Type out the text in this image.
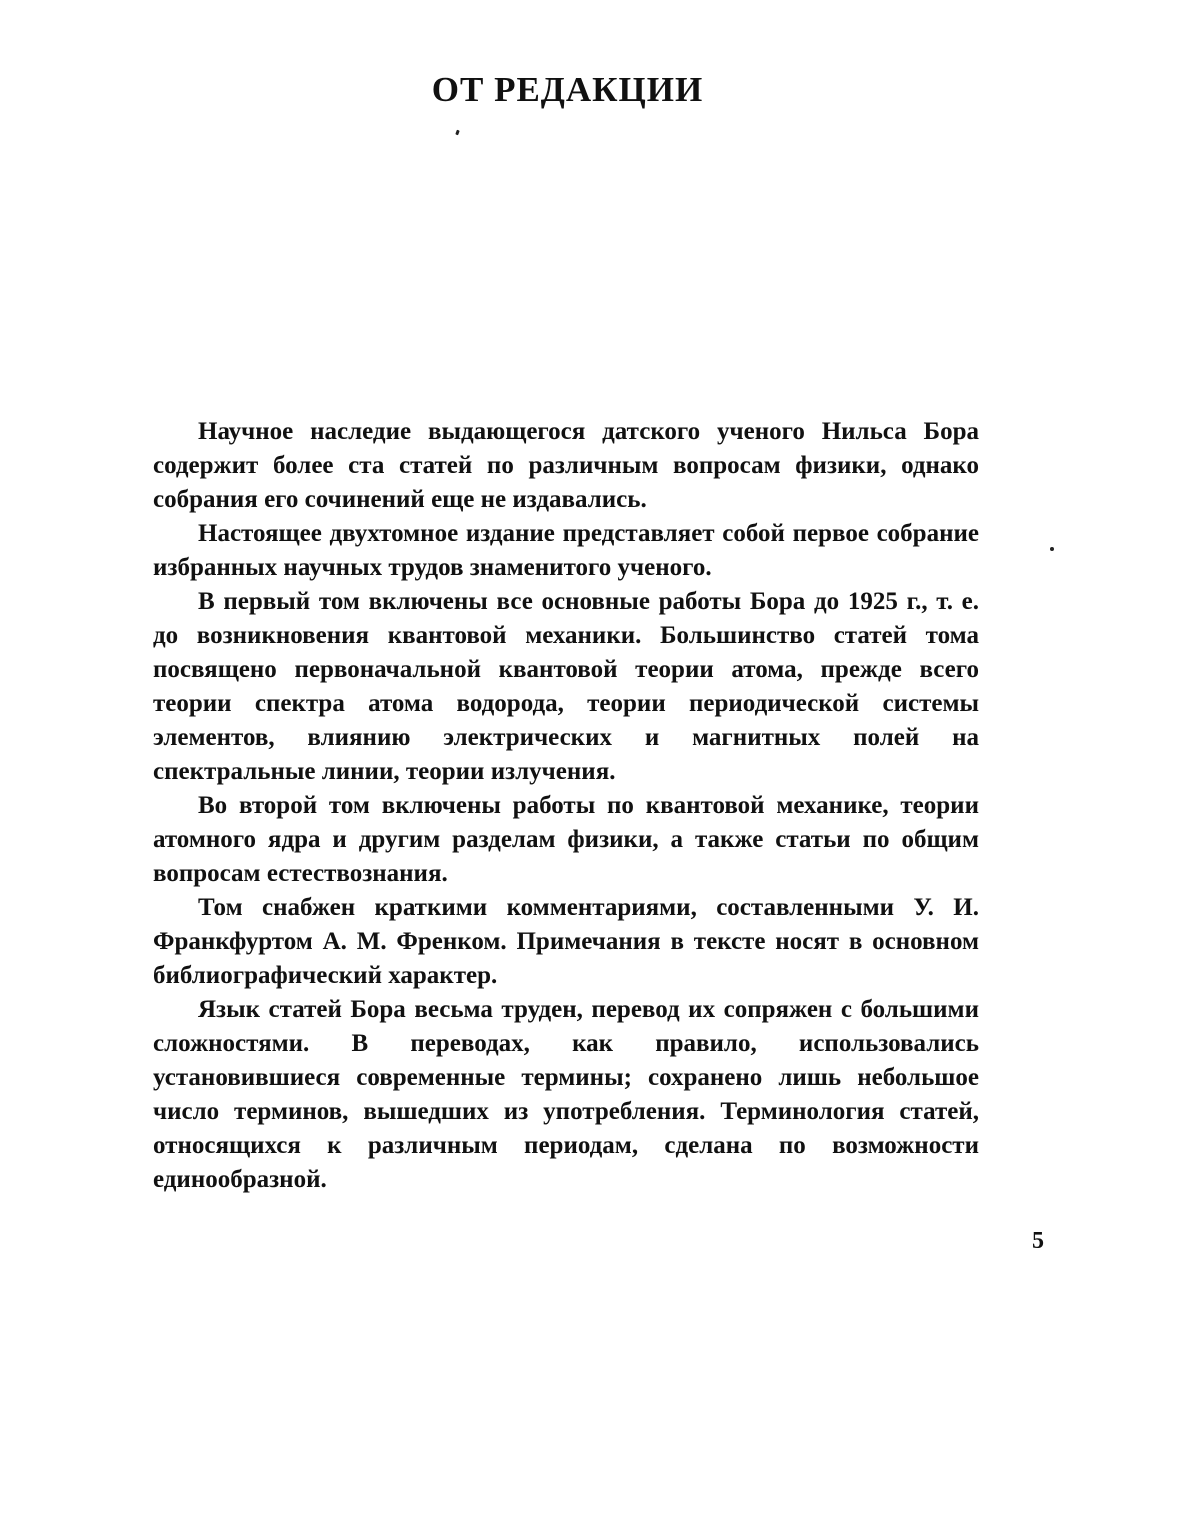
ОТ РЕДАКЦИИ

Научное наследие выдающегося датского ученого Нильса Бора содержит более ста статей по различным вопросам физики, однако собрания его сочинений еще не издавались.

Настоящее двухтомное издание представляет собой первое собрание избранных научных трудов знаменитого ученого.

В первый том включены все основные работы Бора до 1925 г., т. е. до возникновения квантовой механики. Большинство статей тома посвящено первоначальной квантовой теории атома, прежде всего теории спектра атома водорода, теории периодической системы элементов, влиянию электрических и магнитных полей на спектральные линии, теории излучения.

Во второй том включены работы по квантовой механике, теории атомного ядра и другим разделам физики, а также статьи по общим вопросам естествознания.

Том снабжен краткими комментариями, составленными У. И. Франкфуртом А. М. Френком. Примечания в тексте носят в основном библиографический характер.

Язык статей Бора весьма труден, перевод их сопряжен с большими сложностями. В переводах, как правило, использовались установившиеся современные термины; сохранено лишь небольшое число терминов, вышедших из употребления. Терминология статей, относящихся к различным периодам, сделана по возможности единообразной.

5
